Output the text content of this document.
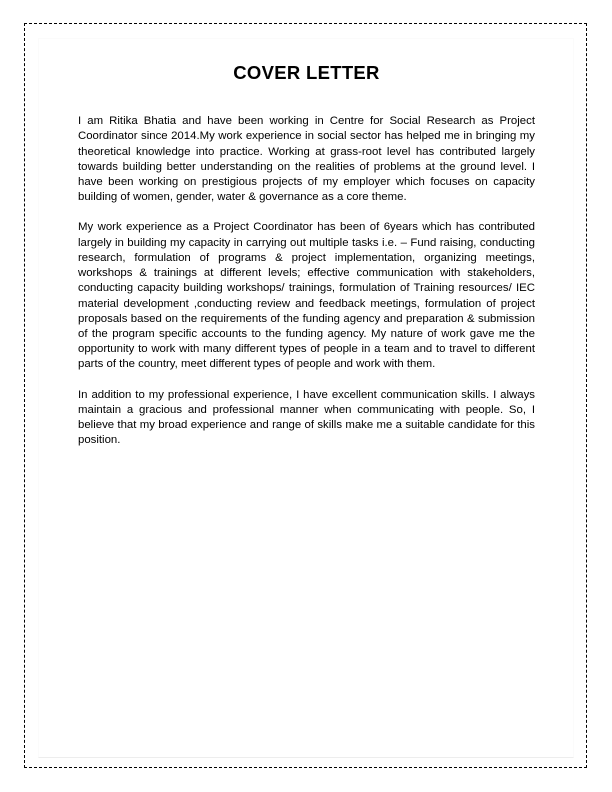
COVER LETTER

I am Ritika Bhatia and have been working in Centre for Social Research as Project Coordinator since 2014.My work experience in social sector has helped me in bringing my theoretical knowledge into practice. Working at grass-root level has contributed largely towards building better understanding on the realities of problems at the ground level. I have been working on prestigious projects of my employer which focuses on capacity building of women, gender, water & governance as a core theme.

My work experience as a Project Coordinator has been of 6years which has contributed largely in building my capacity in carrying out multiple tasks i.e. – Fund raising, conducting research, formulation of programs & project implementation, organizing meetings, workshops & trainings at different levels; effective communication with stakeholders, conducting capacity building workshops/ trainings, formulation of Training resources/ IEC material development ,conducting review and feedback meetings, formulation of project proposals based on the requirements of the funding agency and preparation & submission of the program specific accounts to the funding agency. My nature of work gave me the opportunity to work with many different types of people in a team and to travel to different parts of the country, meet different types of people and work with them.

In addition to my professional experience, I have excellent communication skills. I always maintain a gracious and professional manner when communicating with people. So, I believe that my broad experience and range of skills make me a suitable candidate for this position.
